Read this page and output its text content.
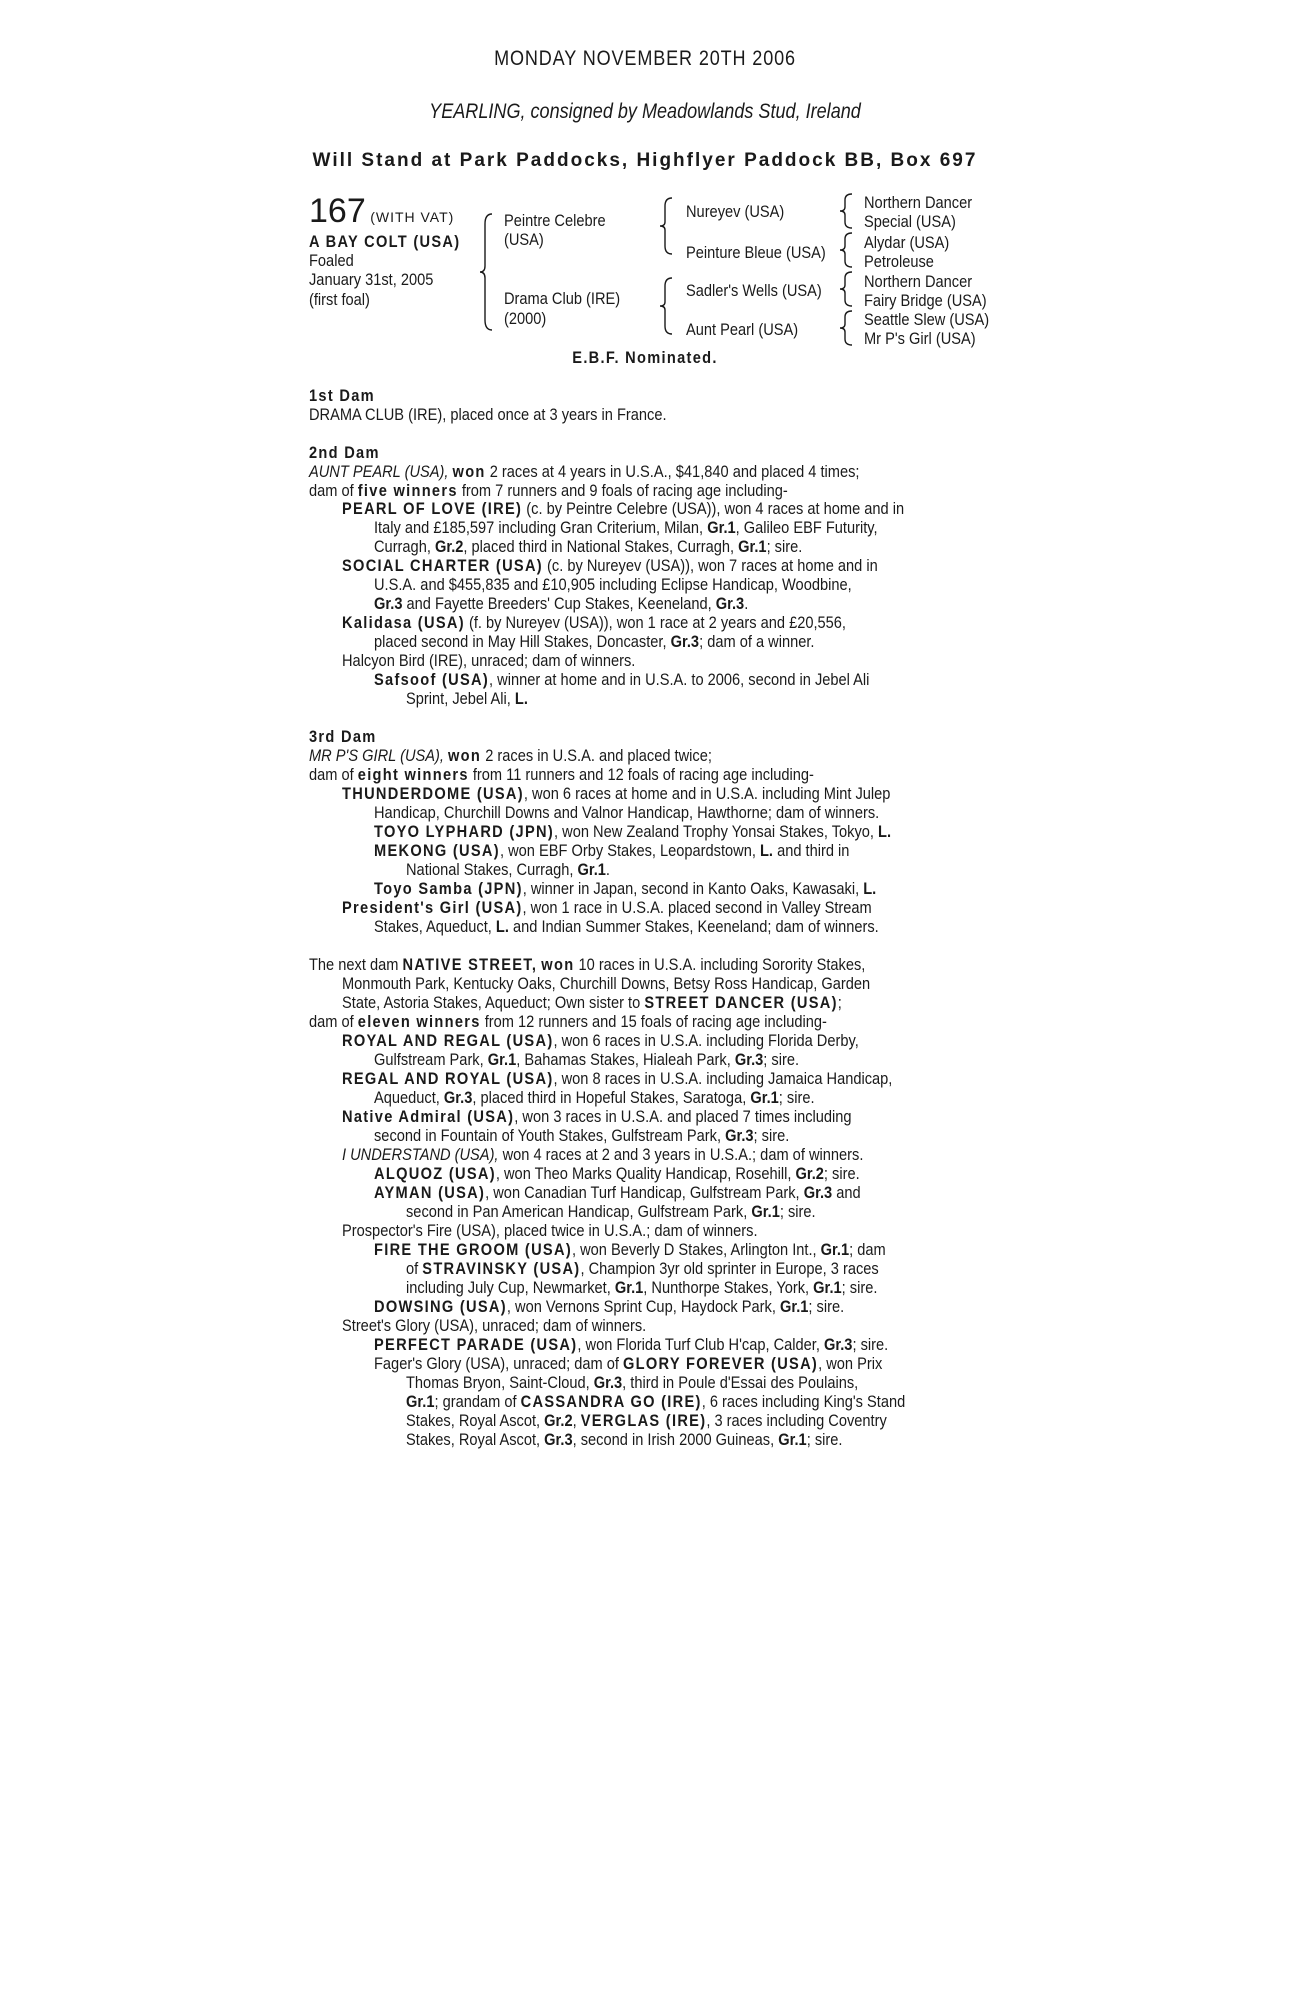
MONDAY NOVEMBER 20TH 2006
YEARLING, consigned by Meadowlands Stud, Ireland
Will Stand at Park Paddocks, Highflyer Paddock BB, Box 697
167 (WITH VAT)
A BAY COLT (USA)
Foaled
January 31st, 2005
(first foal)
Peintre Celebre
(USA)
Drama Club (IRE)
(2000)
Nureyev (USA)
Peinture Bleue (USA)
Sadler's Wells (USA)
Aunt Pearl (USA)
Northern Dancer
Special (USA)
Alydar (USA)
Petroleuse
Northern Dancer
Fairy Bridge (USA)
Seattle Slew (USA)
Mr P's Girl (USA)
E.B.F. Nominated.
1st Dam
DRAMA CLUB (IRE), placed once at 3 years in France.
2nd Dam
AUNT PEARL (USA), won 2 races at 4 years in U.S.A., $41,840 and placed 4 times;
dam of five winners from 7 runners and 9 foals of racing age including-
PEARL OF LOVE (IRE) (c. by Peintre Celebre (USA)), won 4 races at home and in
Italy and £185,597 including Gran Criterium, Milan, Gr.1, Galileo EBF Futurity,
Curragh, Gr.2, placed third in National Stakes, Curragh, Gr.1; sire.
SOCIAL CHARTER (USA) (c. by Nureyev (USA)), won 7 races at home and in
U.S.A. and $455,835 and £10,905 including Eclipse Handicap, Woodbine,
Gr.3 and Fayette Breeders' Cup Stakes, Keeneland, Gr.3.
Kalidasa (USA) (f. by Nureyev (USA)), won 1 race at 2 years and £20,556,
placed second in May Hill Stakes, Doncaster, Gr.3; dam of a winner.
Halcyon Bird (IRE), unraced; dam of winners.
Safsoof (USA), winner at home and in U.S.A. to 2006, second in Jebel Ali
Sprint, Jebel Ali, L.
3rd Dam
MR P'S GIRL (USA), won 2 races in U.S.A. and placed twice;
dam of eight winners from 11 runners and 12 foals of racing age including-
THUNDERDOME (USA), won 6 races at home and in U.S.A. including Mint Julep
Handicap, Churchill Downs and Valnor Handicap, Hawthorne; dam of winners.
TOYO LYPHARD (JPN), won New Zealand Trophy Yonsai Stakes, Tokyo, L.
MEKONG (USA), won EBF Orby Stakes, Leopardstown, L. and third in
National Stakes, Curragh, Gr.1.
Toyo Samba (JPN), winner in Japan, second in Kanto Oaks, Kawasaki, L.
President's Girl (USA), won 1 race in U.S.A. placed second in Valley Stream
Stakes, Aqueduct, L. and Indian Summer Stakes, Keeneland; dam of winners.
The next dam NATIVE STREET, won 10 races in U.S.A. including Sorority Stakes,
Monmouth Park, Kentucky Oaks, Churchill Downs, Betsy Ross Handicap, Garden
State, Astoria Stakes, Aqueduct; Own sister to STREET DANCER (USA);
dam of eleven winners from 12 runners and 15 foals of racing age including-
ROYAL AND REGAL (USA), won 6 races in U.S.A. including Florida Derby,
Gulfstream Park, Gr.1, Bahamas Stakes, Hialeah Park, Gr.3; sire.
REGAL AND ROYAL (USA), won 8 races in U.S.A. including Jamaica Handicap,
Aqueduct, Gr.3, placed third in Hopeful Stakes, Saratoga, Gr.1; sire.
Native Admiral (USA), won 3 races in U.S.A. and placed 7 times including
second in Fountain of Youth Stakes, Gulfstream Park, Gr.3; sire.
I UNDERSTAND (USA), won 4 races at 2 and 3 years in U.S.A.; dam of winners.
ALQUOZ (USA), won Theo Marks Quality Handicap, Rosehill, Gr.2; sire.
AYMAN (USA), won Canadian Turf Handicap, Gulfstream Park, Gr.3 and
second in Pan American Handicap, Gulfstream Park, Gr.1; sire.
Prospector's Fire (USA), placed twice in U.S.A.; dam of winners.
FIRE THE GROOM (USA), won Beverly D Stakes, Arlington Int., Gr.1; dam
of STRAVINSKY (USA), Champion 3yr old sprinter in Europe, 3 races
including July Cup, Newmarket, Gr.1, Nunthorpe Stakes, York, Gr.1; sire.
DOWSING (USA), won Vernons Sprint Cup, Haydock Park, Gr.1; sire.
Street's Glory (USA), unraced; dam of winners.
PERFECT PARADE (USA), won Florida Turf Club H'cap, Calder, Gr.3; sire.
Fager's Glory (USA), unraced; dam of GLORY FOREVER (USA), won Prix
Thomas Bryon, Saint-Cloud, Gr.3, third in Poule d'Essai des Poulains,
Gr.1; grandam of CASSANDRA GO (IRE), 6 races including King's Stand
Stakes, Royal Ascot, Gr.2, VERGLAS (IRE), 3 races including Coventry
Stakes, Royal Ascot, Gr.3, second in Irish 2000 Guineas, Gr.1; sire.
